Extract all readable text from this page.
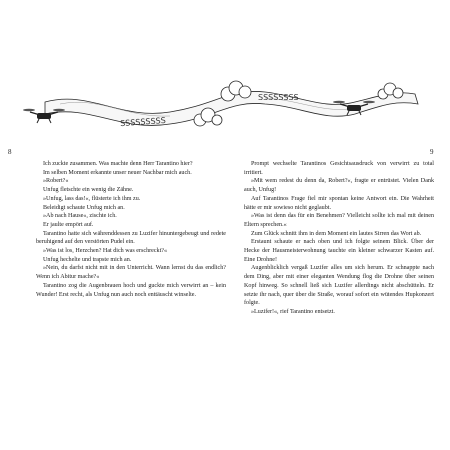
SSSSSSSSS
SSSSSSSS
8	9

Ich zuckte zusammen. Was machte denn Herr Tarantino hier?

Im selben Moment erkannte unser neuer Nachbar mich auch.

»Robert?«

Unfug fletschte ein wenig die Zähne.

»Unfug, lass das!«, flüsterte ich ihm zu.

Beleidigt schaute Unfug mich an.

»Ab nach Hause«, zischte ich.

Er jaulte empört auf.

Tarantino hatte sich währenddessen zu Luzifer hinuntergebeugt und redete beruhigend auf den verstörten Pudel ein.

»Was ist los, Herzchen? Hat dich was erschreckt?«

Unfug hechelte und trapste mich an.

»Nein, du darfst nicht mit in den Unterricht. Wann lernst du das endlich? Wenn ich Abitur mache?«

Tarantino zog die Augenbrauen hoch und guckte mich verwirrt an – kein Wunder! Erst recht, als Unfug nun auch noch enttäuscht winselte.

Prompt wechselte Tarantinos Gesichtsausdruck von verwirrt zu total irritiert.

»Mit wem redest du denn da, Robert?«, fragte er entrüstet. Vielen Dank auch, Unfug!

Auf Tarantinos Frage fiel mir spontan keine Antwort ein. Die Wahrheit hätte er mir sowieso nicht geglaubt.

»Was ist denn das für ein Benehmen? Vielleicht sollte ich mal mit deinen Eltern sprechen.«

Zum Glück schnitt ihm in dem Moment ein lautes Sirren das Wort ab.

Erstaunt schaute er nach oben und ich folgte seinem Blick. Über der Hecke der Hausmeisterwohnung tauchte ein kleiner schwarzer Kasten auf. Eine Drohne!

Augenblicklich vergaß Luzifer alles um sich herum. Er schnappte nach dem Ding, aber mit einer eleganten Wendung flog die Drohne über seinen Kopf hinweg. So schnell ließ sich Luzifer allerdings nicht abschütteln. Er setzte ihr nach, quer über die Straße, worauf sofort ein wütendes Hupkonzert folgte.

»Luzifer!«, rief Tarantino entsetzt.
